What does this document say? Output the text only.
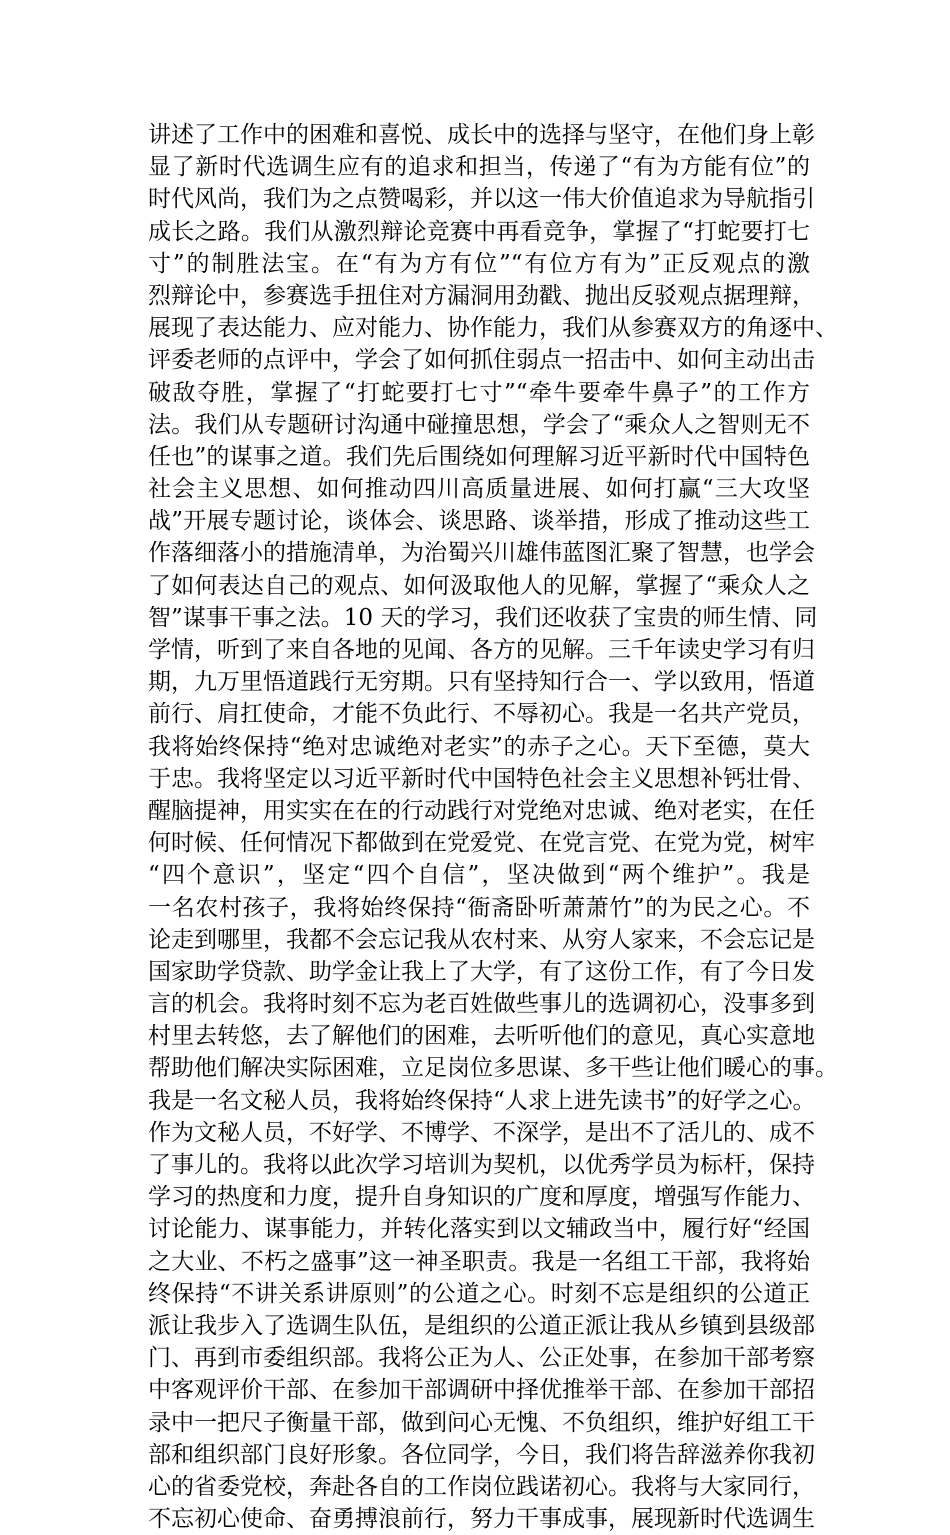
讲述了工作中的困难和喜悦、成长中的选择与坚守，在他们身上彰
显了新时代选调生应有的追求和担当，传递了“有为方能有位”的
时代风尚，我们为之点赞喝彩，并以这一伟大价值追求为导航指引
成长之路。我们从激烈辩论竞赛中再看竞争，掌握了“打蛇要打七
寸”的制胜法宝。在“有为方有位”“有位方有为”正反观点的激
烈辩论中，参赛选手扭住对方漏洞用劲戳、抛出反驳观点据理辩，
展现了表达能力、应对能力、协作能力，我们从参赛双方的角逐中、
评委老师的点评中，学会了如何抓住弱点一招击中、如何主动出击
破敌夺胜，掌握了“打蛇要打七寸”“牵牛要牵牛鼻子”的工作方
法。我们从专题研讨沟通中碰撞思想，学会了“乘众人之智则无不
任也”的谋事之道。我们先后围绕如何理解习近平新时代中国特色
社会主义思想、如何推动四川高质量进展、如何打赢“三大攻坚
战”开展专题讨论，谈体会、谈思路、谈举措，形成了推动这些工
作落细落小的措施清单，为治蜀兴川雄伟蓝图汇聚了智慧，也学会
了如何表达自己的观点、如何汲取他人的见解，掌握了“乘众人之
智”谋事干事之法。10 天的学习，我们还收获了宝贵的师生情、同
学情，听到了来自各地的见闻、各方的见解。三千年读史学习有归
期，九万里悟道践行无穷期。只有坚持知行合一、学以致用，悟道
前行、肩扛使命，才能不负此行、不辱初心。我是一名共产党员，
我将始终保持“绝对忠诚绝对老实”的赤子之心。天下至德，莫大
于忠。我将坚定以习近平新时代中国特色社会主义思想补钙壮骨、
醒脑提神，用实实在在的行动践行对党绝对忠诚、绝对老实，在任
何时候、任何情况下都做到在党爱党、在党言党、在党为党，树牢
“四个意识”，坚定“四个自信”，坚决做到“两个维护”。我是
一名农村孩子，我将始终保持“衙斋卧听萧萧竹”的为民之心。不
论走到哪里，我都不会忘记我从农村来、从穷人家来，不会忘记是
国家助学贷款、助学金让我上了大学，有了这份工作，有了今日发
言的机会。我将时刻不忘为老百姓做些事儿的选调初心，没事多到
村里去转悠，去了解他们的困难，去听听他们的意见，真心实意地
帮助他们解决实际困难，立足岗位多思谋、多干些让他们暖心的事。
我是一名文秘人员，我将始终保持“人求上进先读书”的好学之心。
作为文秘人员，不好学、不博学、不深学，是出不了活儿的、成不
了事儿的。我将以此次学习培训为契机，以优秀学员为标杆，保持
学习的热度和力度，提升自身知识的广度和厚度，增强写作能力、
讨论能力、谋事能力，并转化落实到以文辅政当中，履行好“经国
之大业、不朽之盛事”这一神圣职责。我是一名组工干部，我将始
终保持“不讲关系讲原则”的公道之心。时刻不忘是组织的公道正
派让我步入了选调生队伍，是组织的公道正派让我从乡镇到县级部
门、再到市委组织部。我将公正为人、公正处事，在参加干部考察
中客观评价干部、在参加干部调研中择优推举干部、在参加干部招
录中一把尺子衡量干部，做到问心无愧、不负组织，维护好组工干
部和组织部门良好形象。各位同学，今日，我们将告辞滋养你我初
心的省委党校，奔赴各自的工作岗位践诺初心。我将与大家同行，
不忘初心使命、奋勇搏浪前行，努力干事成事，展现新时代选调生
